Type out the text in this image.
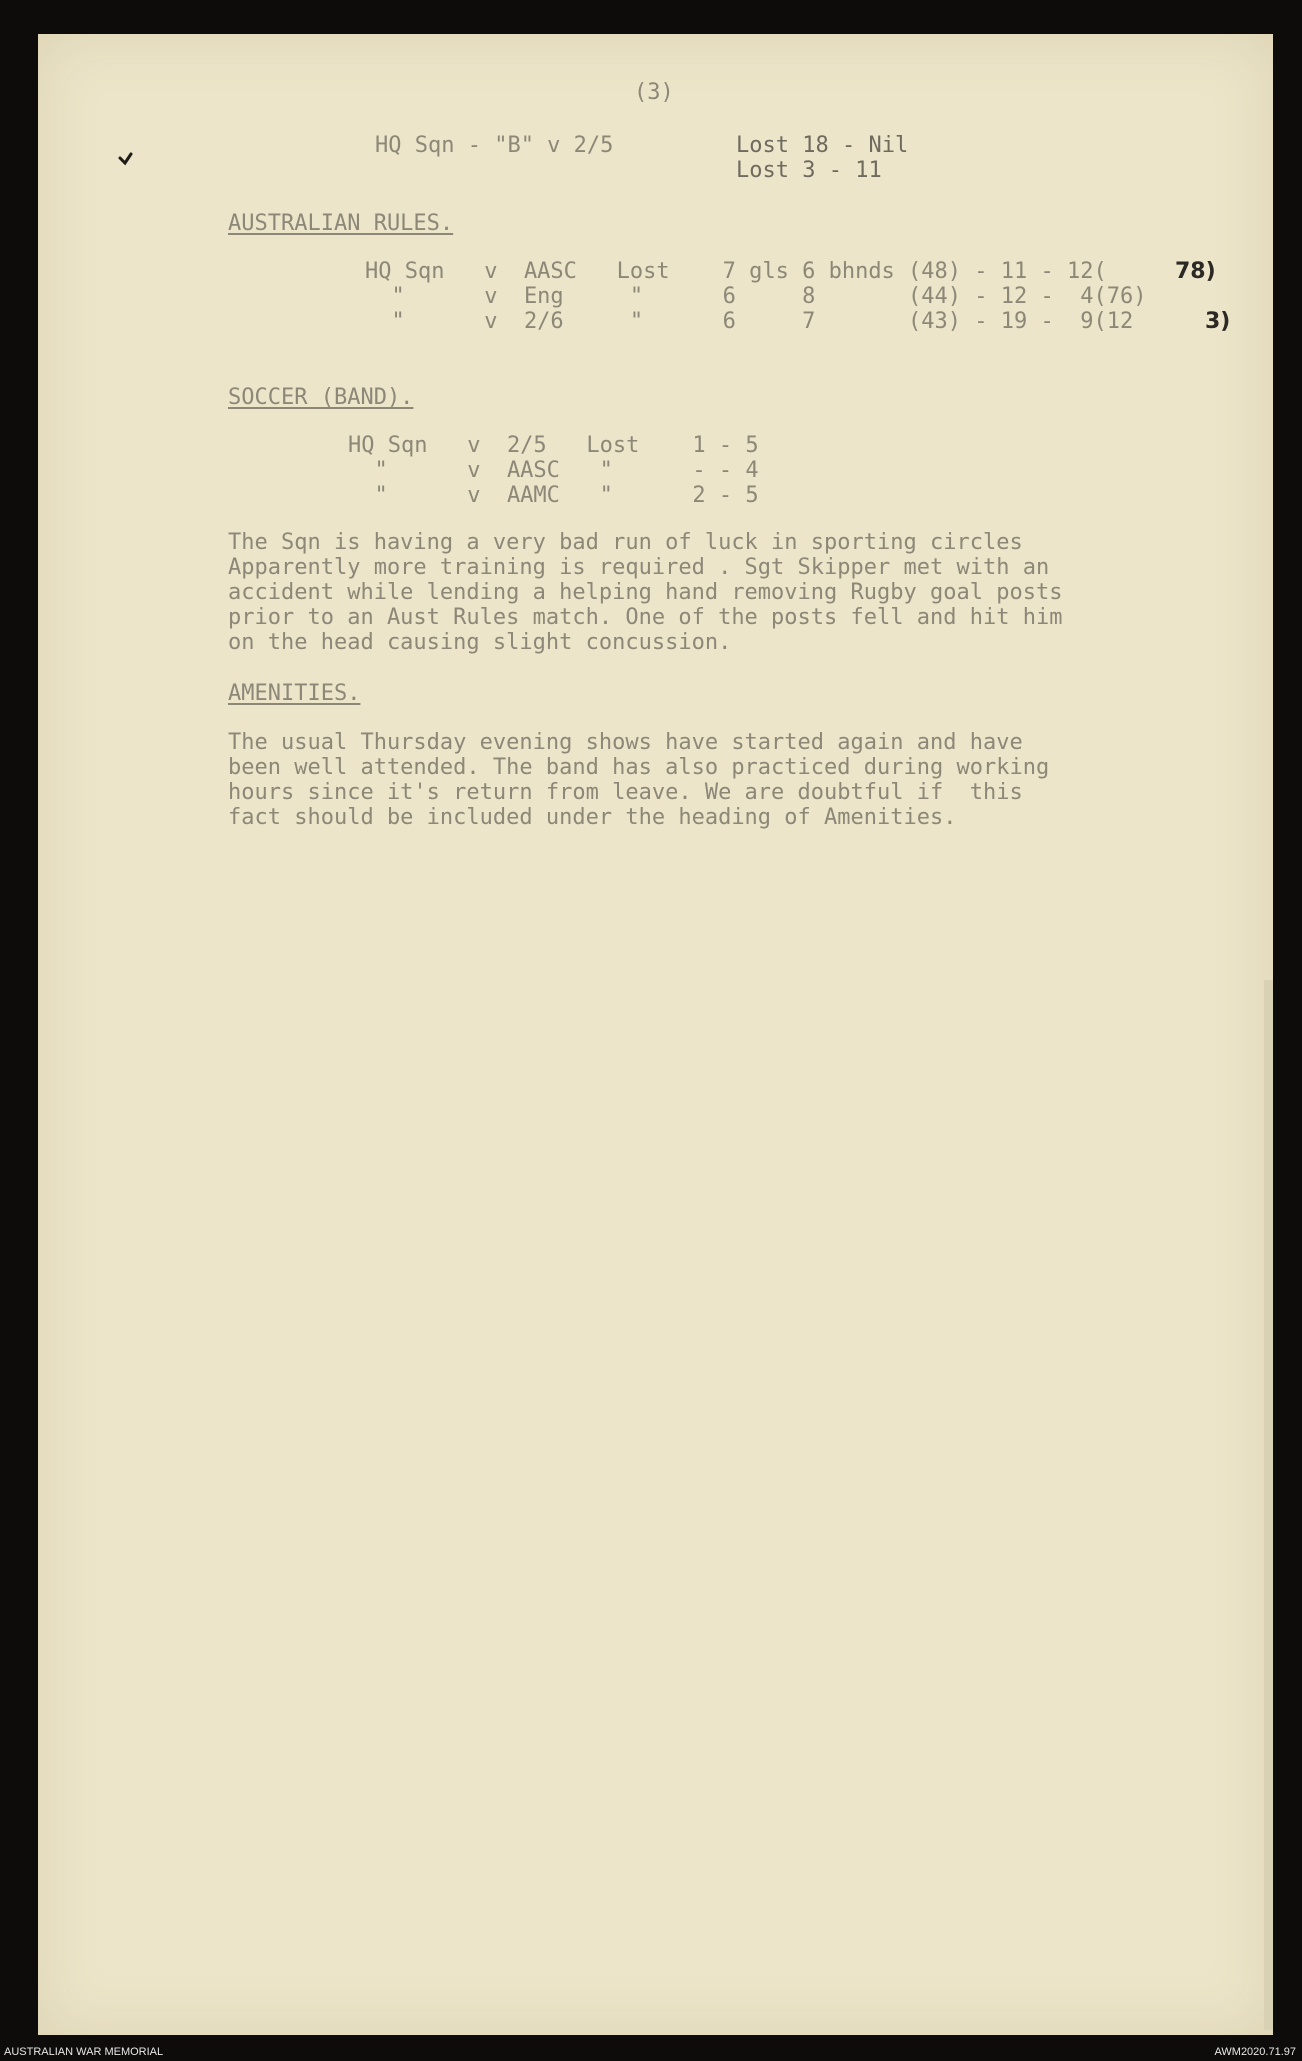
(3)
HQ Sqn - "B" v 2/5	Lost 18 - Nil
Lost 3 - 11
AUSTRALIAN RULES.
HQ Sqn   v  AASC   Lost    7 gls 6 bhnds (48) - 11 - 12(
"      v  Eng     "      6     8       (44) - 12 -  4(76)
"      v  2/6     "      6     7       (43) - 19 -  9(12
78)
3)
SOCCER (BAND).
HQ Sqn   v  2/5   Lost    1 - 5
"      v  AASC   "      - - 4
"      v  AAMC   "      2 - 5
The Sqn is having a very bad run of luck in sporting circles
Apparently more training is required . Sgt Skipper met with an
accident while lending a helping hand removing Rugby goal posts
prior to an Aust Rules match. One of the posts fell and hit him
on the head causing slight concussion.
AMENITIES.
The usual Thursday evening shows have started again and have
been well attended. The band has also practiced during working
hours since it's return from leave. We are doubtful if  this
fact should be included under the heading of Amenities.
AUSTRALIAN WAR MEMORIAL	AWM2020.71.97
